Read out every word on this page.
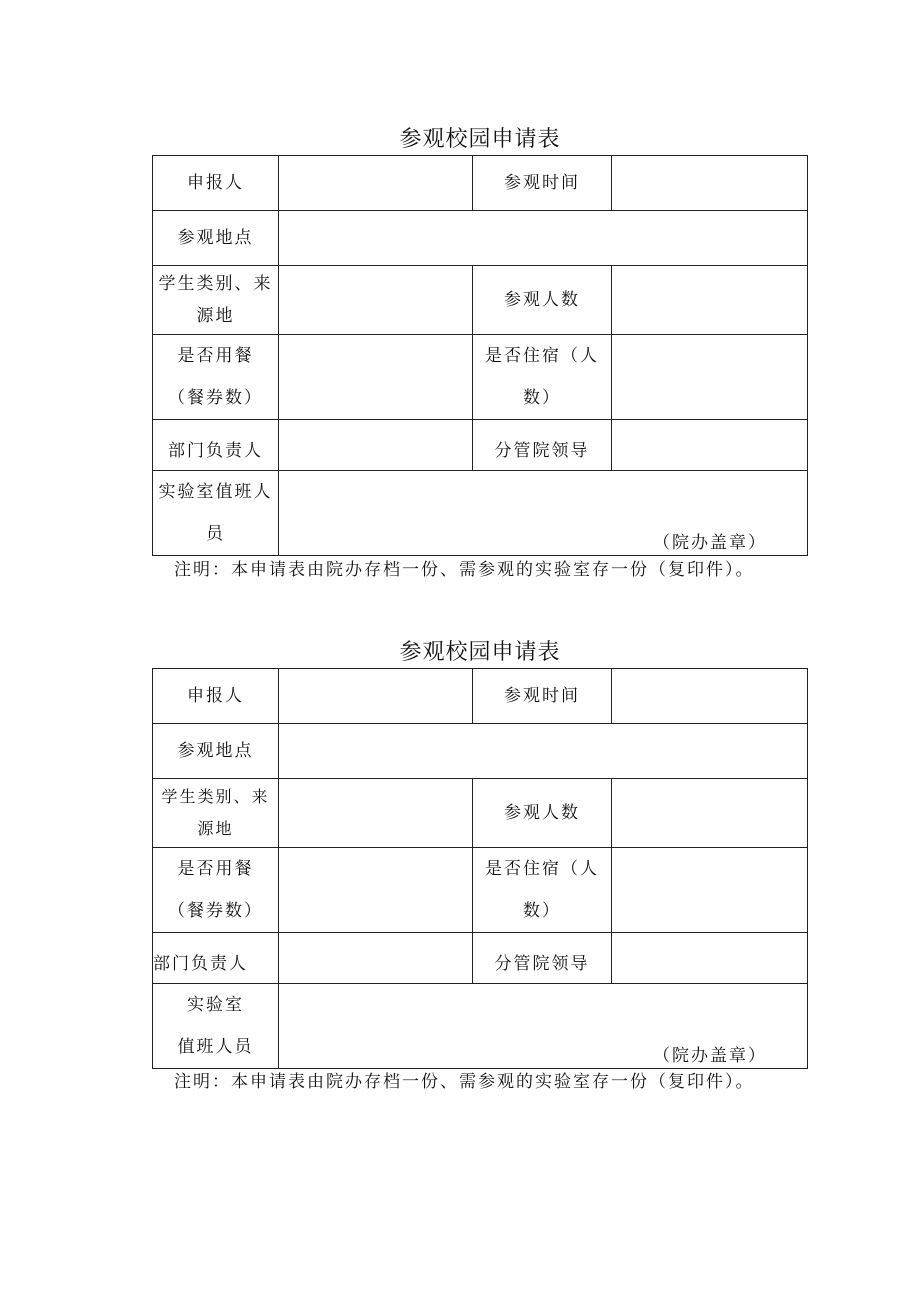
参观校园申请表
申报人		参观时间	
参观地点			

学生类别、来
源地		参观人数	

是否用餐
（餐券数）		是否住宿（人
数）	

部门负责人		分管院领导	

实验室值班人
员	（院办盖章）		
注明：本申请表由院办存档一份、需参观的实验室存一份（复印件）。
参观校园申请表
申报人		参观时间	
参观地点			

学生类别、来
源地		参观人数	

是否用餐
（餐券数）		是否住宿（人
数）	

部门负责人		分管院领导	

实验室
值班人员	（院办盖章）		
注明：本申请表由院办存档一份、需参观的实验室存一份（复印件）。
